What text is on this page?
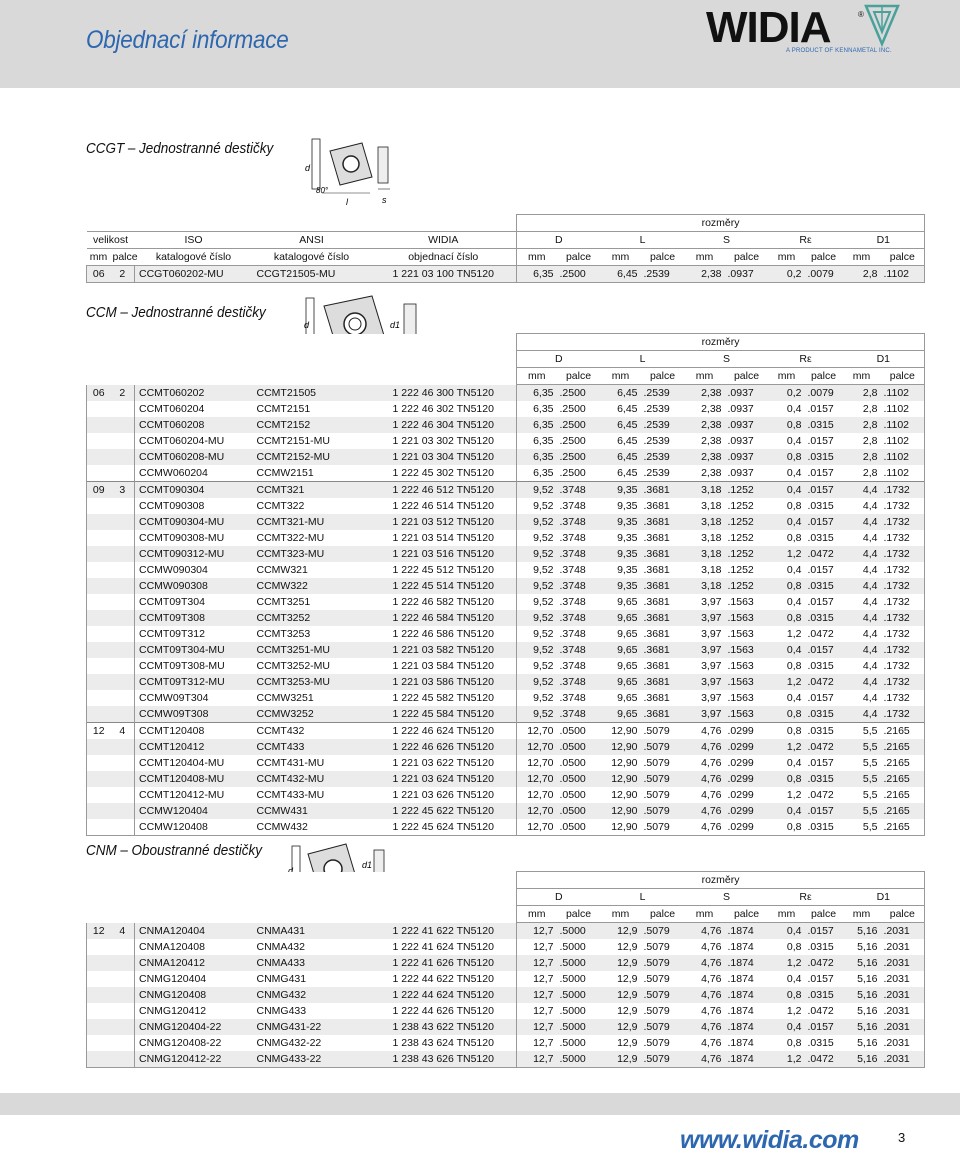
Objednací informace	WIDIA
A PRODUCT OF KENNAMETAL INC.
®
CCGT – Jednostranné destičky
d
l	s
80°
					rozměry									
velikost		ISO	ANSI	WIDIA	D		L		S		Rε		D1	
mm	palce	katalogové číslo	katalogové číslo	objednací číslo	mm	palce	mm	palce	mm	palce	mm	palce	mm	palce
06	2	CCGT060202-MU	CCGT21505-MU	1 221 03 100 TN5120	6,35	.2500	6,45	.2539	2,38	.0937	0,2	.0079	2,8	.1102
CCM – Jednostranné destičky
d	d1
					rozměry									
					D		L		S		Rε		D1	
					mm	palce	mm	palce	mm	palce	mm	palce	mm	palce
06	2	CCMT060202	CCMT21505	1 222 46 300 TN5120	6,35	.2500	6,45	.2539	2,38	.0937	0,2	.0079	2,8	.1102
		CCMT060204	CCMT2151	1 222 46 302 TN5120	6,35	.2500	6,45	.2539	2,38	.0937	0,4	.0157	2,8	.1102
		CCMT060208	CCMT2152	1 222 46 304 TN5120	6,35	.2500	6,45	.2539	2,38	.0937	0,8	.0315	2,8	.1102
		CCMT060204-MU	CCMT2151-MU	1 221 03 302 TN5120	6,35	.2500	6,45	.2539	2,38	.0937	0,4	.0157	2,8	.1102
		CCMT060208-MU	CCMT2152-MU	1 221 03 304 TN5120	6,35	.2500	6,45	.2539	2,38	.0937	0,8	.0315	2,8	.1102
		CCMW060204	CCMW2151	1 222 45 302 TN5120	6,35	.2500	6,45	.2539	2,38	.0937	0,4	.0157	2,8	.1102
09	3	CCMT090304	CCMT321	1 222 46 512 TN5120	9,52	.3748	9,35	.3681	3,18	.1252	0,4	.0157	4,4	.1732
		CCMT090308	CCMT322	1 222 46 514 TN5120	9,52	.3748	9,35	.3681	3,18	.1252	0,8	.0315	4,4	.1732
		CCMT090304-MU	CCMT321-MU	1 221 03 512 TN5120	9,52	.3748	9,35	.3681	3,18	.1252	0,4	.0157	4,4	.1732
		CCMT090308-MU	CCMT322-MU	1 221 03 514 TN5120	9,52	.3748	9,35	.3681	3,18	.1252	0,8	.0315	4,4	.1732
		CCMT090312-MU	CCMT323-MU	1 221 03 516 TN5120	9,52	.3748	9,35	.3681	3,18	.1252	1,2	.0472	4,4	.1732
		CCMW090304	CCMW321	1 222 45 512 TN5120	9,52	.3748	9,35	.3681	3,18	.1252	0,4	.0157	4,4	.1732
		CCMW090308	CCMW322	1 222 45 514 TN5120	9,52	.3748	9,35	.3681	3,18	.1252	0,8	.0315	4,4	.1732
		CCMT09T304	CCMT3251	1 222 46 582 TN5120	9,52	.3748	9,65	.3681	3,97	.1563	0,4	.0157	4,4	.1732
		CCMT09T308	CCMT3252	1 222 46 584 TN5120	9,52	.3748	9,65	.3681	3,97	.1563	0,8	.0315	4,4	.1732
		CCMT09T312	CCMT3253	1 222 46 586 TN5120	9,52	.3748	9,65	.3681	3,97	.1563	1,2	.0472	4,4	.1732
		CCMT09T304-MU	CCMT3251-MU	1 221 03 582 TN5120	9,52	.3748	9,65	.3681	3,97	.1563	0,4	.0157	4,4	.1732
		CCMT09T308-MU	CCMT3252-MU	1 221 03 584 TN5120	9,52	.3748	9,65	.3681	3,97	.1563	0,8	.0315	4,4	.1732
		CCMT09T312-MU	CCMT3253-MU	1 221 03 586 TN5120	9,52	.3748	9,65	.3681	3,97	.1563	1,2	.0472	4,4	.1732
		CCMW09T304	CCMW3251	1 222 45 582 TN5120	9,52	.3748	9,65	.3681	3,97	.1563	0,4	.0157	4,4	.1732
		CCMW09T308	CCMW3252	1 222 45 584 TN5120	9,52	.3748	9,65	.3681	3,97	.1563	0,8	.0315	4,4	.1732
12	4	CCMT120408	CCMT432	1 222 46 624 TN5120	12,70	.0500	12,90	.5079	4,76	.0299	0,8	.0315	5,5	.2165
		CCMT120412	CCMT433	1 222 46 626 TN5120	12,70	.0500	12,90	.5079	4,76	.0299	1,2	.0472	5,5	.2165
		CCMT120404-MU	CCMT431-MU	1 221 03 622 TN5120	12,70	.0500	12,90	.5079	4,76	.0299	0,4	.0157	5,5	.2165
		CCMT120408-MU	CCMT432-MU	1 221 03 624 TN5120	12,70	.0500	12,90	.5079	4,76	.0299	0,8	.0315	5,5	.2165
		CCMT120412-MU	CCMT433-MU	1 221 03 626 TN5120	12,70	.0500	12,90	.5079	4,76	.0299	1,2	.0472	5,5	.2165
		CCMW120404	CCMW431	1 222 45 622 TN5120	12,70	.0500	12,90	.5079	4,76	.0299	0,4	.0157	5,5	.2165
		CCMW120408	CCMW432	1 222 45 624 TN5120	12,70	.0500	12,90	.5079	4,76	.0299	0,8	.0315	5,5	.2165
CNM – Oboustranné destičky
d1
					rozměry									
					D		L		S		Rε		D1	
					mm	palce	mm	palce	mm	palce	mm	palce	mm	palce
12	4	CNMA120404	CNMA431	1 222 41 622 TN5120	12,7	.5000	12,9	.5079	4,76	.1874	0,4	.0157	5,16	.2031
		CNMA120408	CNMA432	1 222 41 624 TN5120	12,7	.5000	12,9	.5079	4,76	.1874	0,8	.0315	5,16	.2031
		CNMA120412	CNMA433	1 222 41 626 TN5120	12,7	.5000	12,9	.5079	4,76	.1874	1,2	.0472	5,16	.2031
		CNMG120404	CNMG431	1 222 44 622 TN5120	12,7	.5000	12,9	.5079	4,76	.1874	0,4	.0157	5,16	.2031
		CNMG120408	CNMG432	1 222 44 624 TN5120	12,7	.5000	12,9	.5079	4,76	.1874	0,8	.0315	5,16	.2031
		CNMG120412	CNMG433	1 222 44 626 TN5120	12,7	.5000	12,9	.5079	4,76	.1874	1,2	.0472	5,16	.2031
		CNMG120404-22	CNMG431-22	1 238 43 622 TN5120	12,7	.5000	12,9	.5079	4,76	.1874	0,4	.0157	5,16	.2031
		CNMG120408-22	CNMG432-22	1 238 43 624 TN5120	12,7	.5000	12,9	.5079	4,76	.1874	0,8	.0315	5,16	.2031
		CNMG120412-22	CNMG433-22	1 238 43 626 TN5120	12,7	.5000	12,9	.5079	4,76	.1874	1,2	.0472	5,16	.2031
www.widia.com	3
